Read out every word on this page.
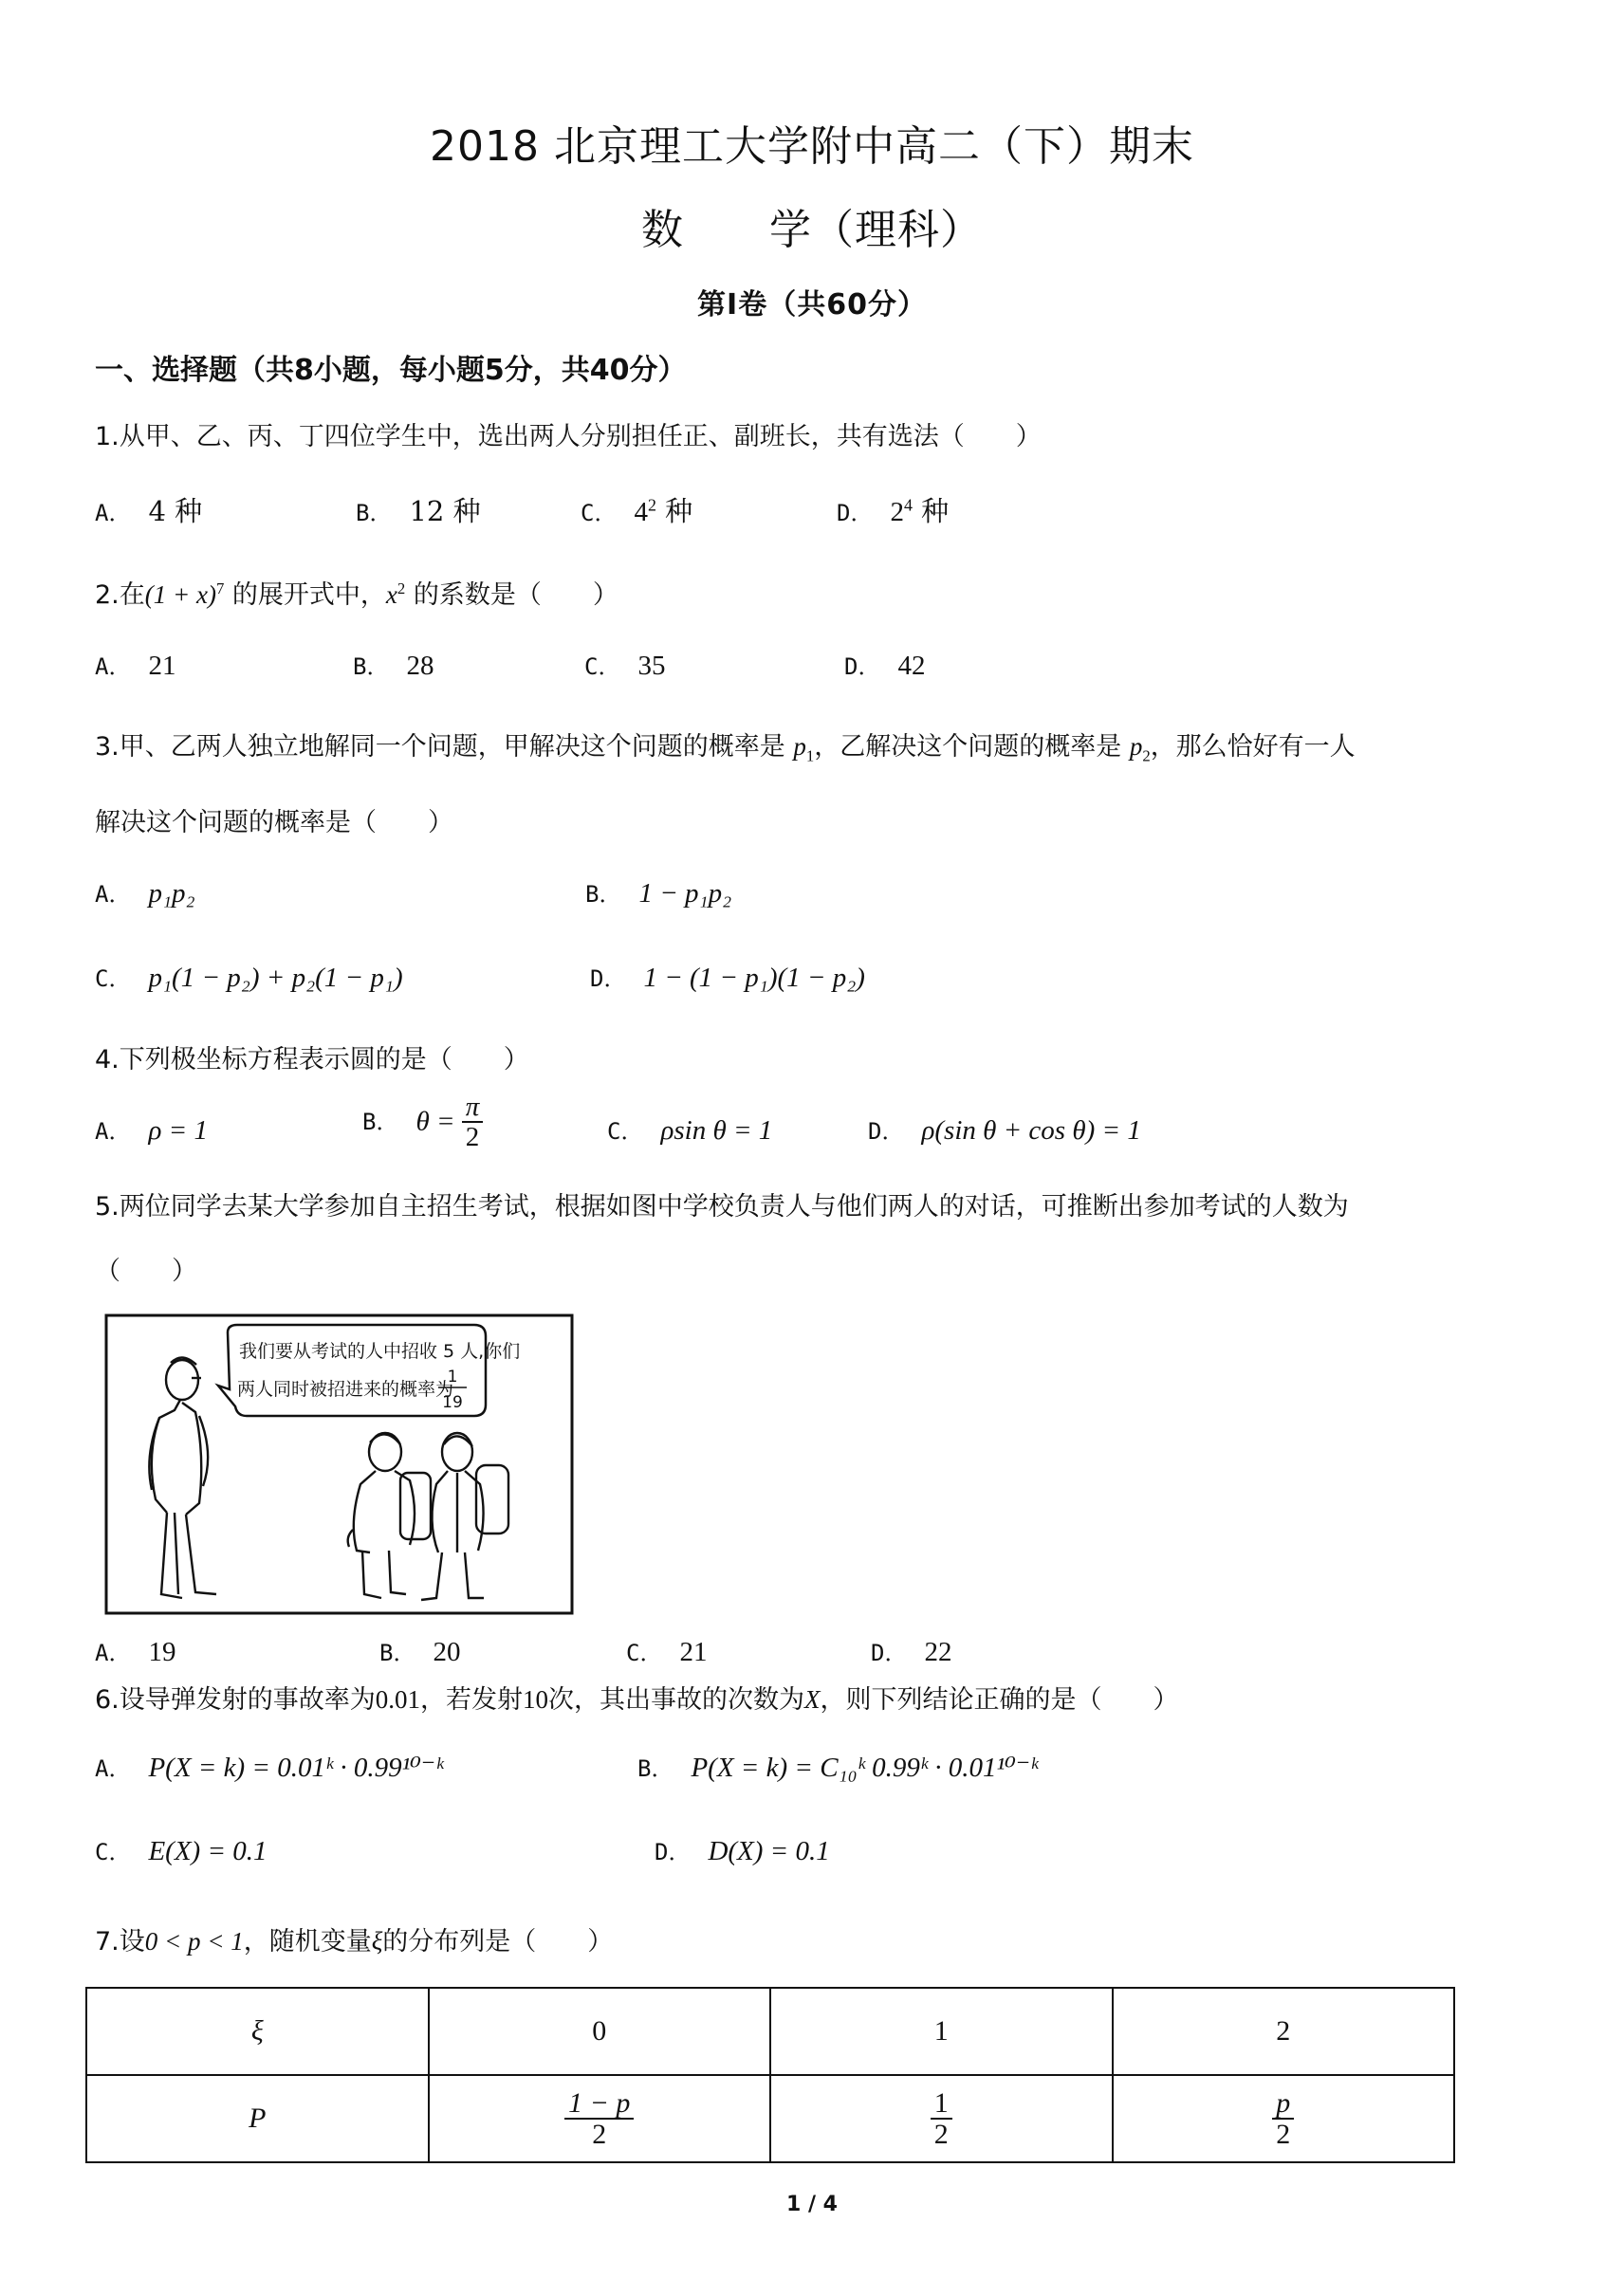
2018 北京理工大学附中高二（下）期末
数　　学（理科）
第Ⅰ卷（共60分）
一、选择题（共8小题，每小题5分，共40分）
1.从甲、乙、丙、丁四位学生中，选出两人分别担任正、副班长，共有选法（　　）
A． 4 种	B． 12 种	C． $4^2$ 种	D． $2^4$ 种
2.在$(1 + x)^7$ 的展开式中，$x^2$ 的系数是（　　）
A． 21	B． 28	C． 35	D． 42
3.甲、乙两人独立地解同一个问题，甲解决这个问题的概率是 $p_1$，乙解决这个问题的概率是 $p_2$，那么恰好有一人
解决这个问题的概率是（　　）
A． p₁p₂	B． 1 − p₁p₂
C． p₁(1 − p₂) + p₂(1 − p₁)	D． 1 − (1 − p₁)(1 − p₂)
4.下列极坐标方程表示圆的是（　　）
A． ρ = 1	B． $\theta = \frac{\pi}{2}$	C． ρsin θ = 1	D． ρ(sin θ + cos θ) = 1
5.两位同学去某大学参加自主招生考试，根据如图中学校负责人与他们两人的对话，可推断出参加考试的人数为
（　　）
我们要从考试的人中招收 5 人,你们
两人同时被招进来的概率为
1
19
A． 19	B． 20	C． 21	D． 22
6.设导弹发射的事故率为0.01，若发射10次，其出事故的次数为X，则下列结论正确的是（　　）
A． P(X = k) = 0.01ᵏ · 0.99¹⁰⁻ᵏ	B． P(X = k) = C₁₀ᵏ 0.99ᵏ · 0.01¹⁰⁻ᵏ
C． E(X) = 0.1	D． D(X) = 0.1
7.设0 < p < 1，随机变量ξ的分布列是（　　）
ξ	0	1	2
P	$\frac{1 - p}{2}$	$\frac{1}{2}$	$\frac{p}{2}$
1 / 4
